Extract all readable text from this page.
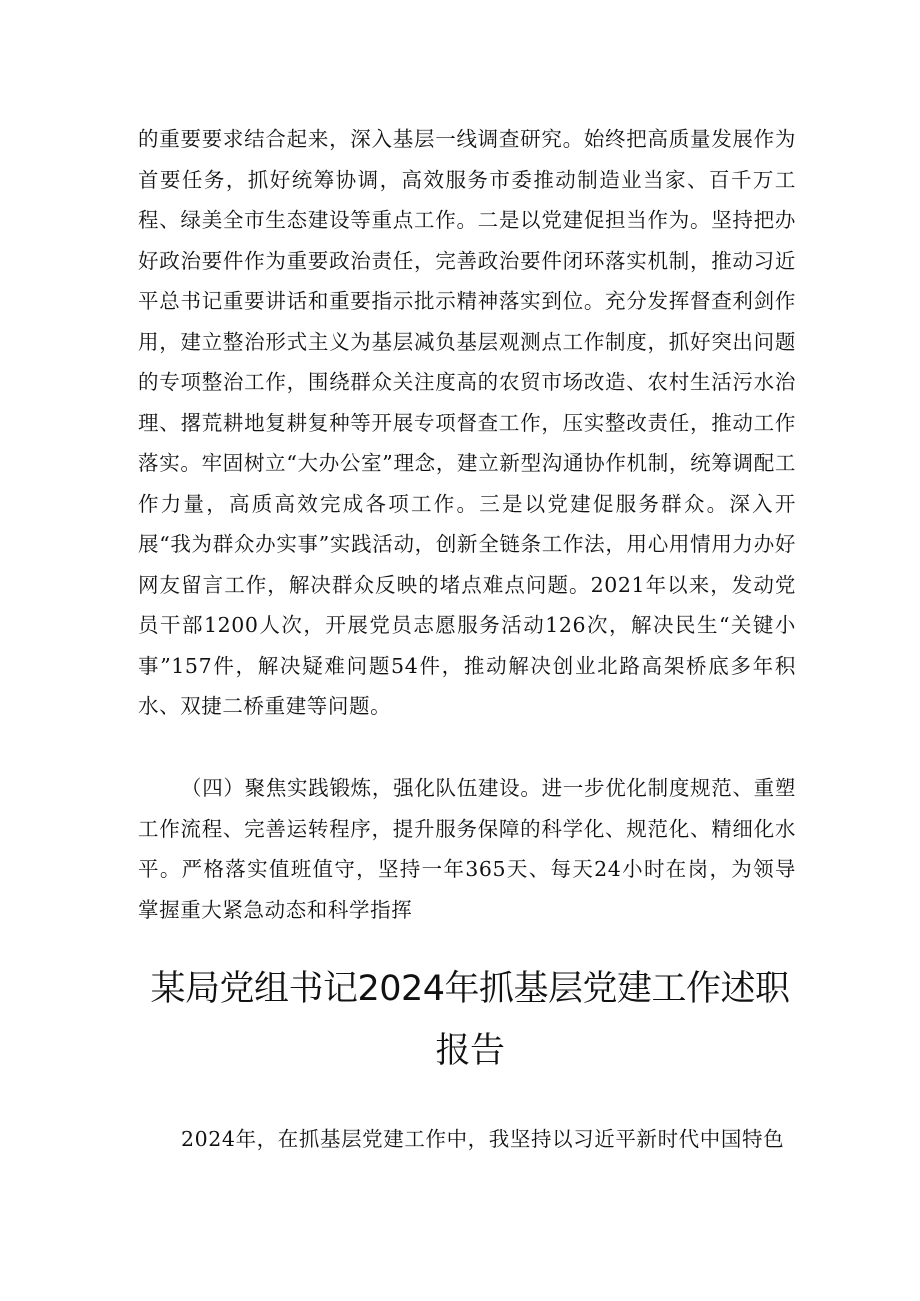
的重要要求结合起来，深入基层一线调查研究。始终把高质量发展作为首要任务，抓好统筹协调，高效服务市委推动制造业当家、百千万工程、绿美全市生态建设等重点工作。二是以党建促担当作为。坚持把办好政治要件作为重要政治责任，完善政治要件闭环落实机制，推动习近平总书记重要讲话和重要指示批示精神落实到位。充分发挥督查利剑作用，建立整治形式主义为基层减负基层观测点工作制度，抓好突出问题的专项整治工作，围绕群众关注度高的农贸市场改造、农村生活污水治理、撂荒耕地复耕复种等开展专项督查工作，压实整改责任，推动工作落实。牢固树立“大办公室”理念，建立新型沟通协作机制，统筹调配工作力量，高质高效完成各项工作。三是以党建促服务群众。深入开展“我为群众办实事”实践活动，创新全链条工作法，用心用情用力办好网友留言工作，解决群众反映的堵点难点问题。2021年以来，发动党员干部1200人次，开展党员志愿服务活动126次，解决民生“关键小事”157件，解决疑难问题54件，推动解决创业北路高架桥底多年积水、双捷二桥重建等问题。

（四）聚焦实践锻炼，强化队伍建设。进一步优化制度规范、重塑工作流程、完善运转程序，提升服务保障的科学化、规范化、精细化水平。严格落实值班值守，坚持一年365天、每天24小时在岗，为领导掌握重大紧急动态和科学指挥

某局党组书记2024年抓基层党建工作述职报告

2024年，在抓基层党建工作中，我坚持以习近平新时代中国特色
